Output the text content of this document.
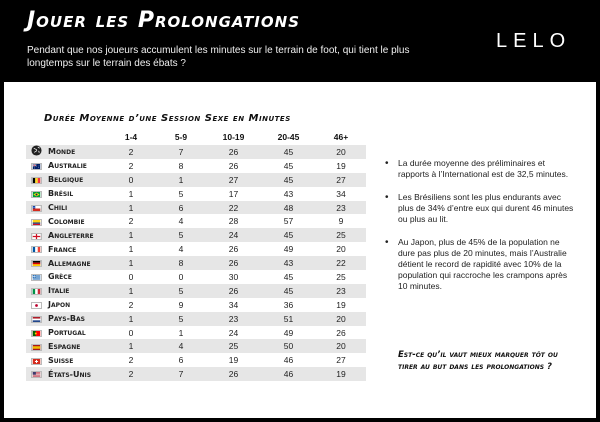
Jouer les Prolongations
Pendant que nos joueurs accumulent les minutes sur le terrain de foot, qui tient le plus longtemps sur le terrain des ébats ?
LELO
Durée Moyenne d’une Session Sexe en Minutes
		1-4	5-9	10-19	20-45	46+
	Monde	2	7	26	45	20
	Australie	2	8	26	45	19
	Belgique	0	1	27	45	27
	Brésil	1	5	17	43	34
	Chili	1	6	22	48	23
	Colombie	2	4	28	57	9
	Angleterre	1	5	24	45	25
	France	1	4	26	49	20
	Allemagne	1	8	26	43	22
	Grèce	0	0	30	45	25
	Italie	1	5	26	45	23
	Japon	2	9	34	36	19
	Pays-Bas	1	5	23	51	20
	Portugal	0	1	24	49	26
	Espagne	1	4	25	50	20
	Suisse	2	6	19	46	27
	États-Unis	2	7	26	46	19
• La durée moyenne des préliminaires et rapports à l’International est de 32,5 minutes.
• Les Brésiliens sont les plus endurants avec plus de 34% d’entre eux qui durent 46 minutes ou plus au lit.
• Au Japon, plus de 45% de la population ne dure pas plus de 20 minutes, mais l’Australie détient le record de rapidité avec 10% de la population qui raccroche les crampons après 10 minutes.
Est-ce qu’il vaut mieux marquer tôt ou tirer au but dans les prolongations ?
